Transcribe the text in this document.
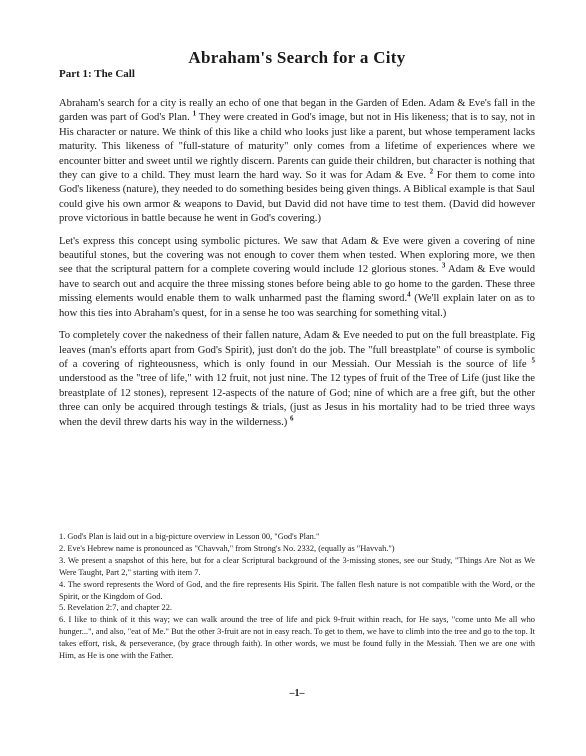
Abraham's Search for a City
Part 1: The Call

Abraham's search for a city is really an echo of one that began in the Garden of Eden. Adam & Eve's fall in the garden was part of God's Plan. $^1$ They were created in God's image, but not in His likeness; that is to say, not in His character or nature. We think of this like a child who looks just like a parent, but whose temperament lacks maturity. This likeness of "full-stature of maturity" only comes from a lifetime of experiences where we encounter bitter and sweet until we rightly discern. Parents can guide their children, but character is nothing that they can give to a child. They must learn the hard way. So it was for Adam & Eve. $^2$ For them to come into God's likeness (nature), they needed to do something besides being given things. A Biblical example is that Saul could give his own armor & weapons to David, but David did not have time to test them. (David did however prove victorious in battle because he went in God's covering.)

Let's express this concept using symbolic pictures. We saw that Adam & Eve were given a covering of nine beautiful stones, but the covering was not enough to cover them when tested. When exploring more, we then see that the scriptural pattern for a complete covering would include 12 glorious stones. $^3$ Adam & Eve would have to search out and acquire the three missing stones before being able to go home to the garden. These three missing elements would enable them to walk unharmed past the flaming sword.$^4$ (We'll explain later on as to how this ties into Abraham's quest, for in a sense he too was searching for something vital.)

To completely cover the nakedness of their fallen nature, Adam & Eve needed to put on the full breastplate. Fig leaves (man's efforts apart from God's Spirit), just don't do the job. The "full breastplate" of course is symbolic of a covering of righteousness, which is only found in our Messiah. Our Messiah is the source of life $^5$ understood as the "tree of life," with 12 fruit, not just nine. The 12 types of fruit of the Tree of Life (just like the breastplate of 12 stones), represent 12-aspects of the nature of God; nine of which are a free gift, but the other three can only be acquired through testings & trials, (just as Jesus in his mortality had to be tried three ways when the devil threw darts his way in the wilderness.) $^6$

1. God's Plan is laid out in a big-picture overview in Lesson 00, "God's Plan."
2. Eve's Hebrew name is pronounced as "Chavvah," from Strong's No. 2332, (equally as "Havvah.")
3. We present a snapshot of this here, but for a clear Scriptural background of the 3-missing stones, see our Study, "Things Are Not as We Were Taught, Part 2," starting with item 7.
4. The sword represents the Word of God, and the fire represents His Spirit. The fallen flesh nature is not compatible with the Word, or the Spirit, or the Kingdom of God.
5. Revelation 2:7, and chapter 22.
6. I like to think of it this way; we can walk around the tree of life and pick 9-fruit within reach, for He says, "come unto Me all who hunger...", and also, "eat of Me." But the other 3-fruit are not in easy reach. To get to them, we have to climb into the tree and go to the top. It takes effort, risk, & perseverance, (by grace through faith). In other words, we must be found fully in the Messiah. Then we are one with Him, as He is one with the Father.
–1–
